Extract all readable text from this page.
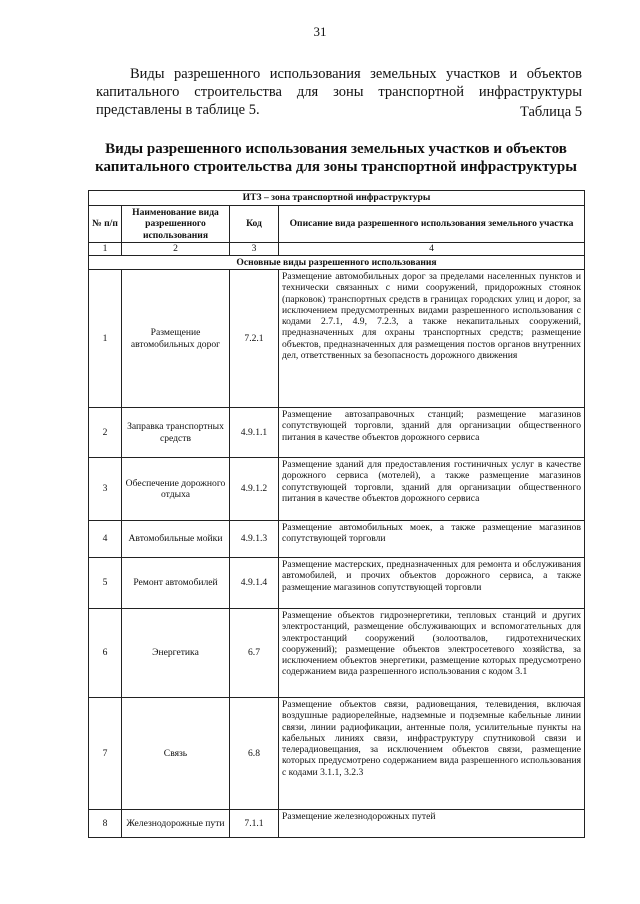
31

Виды разрешенного использования земельных участков и объектов капитального строительства для зоны транспортной инфраструктуры представлены в таблице 5.	Таблица 5
Виды разрешенного использования земельных участков и объектов
капитального строительства для зоны транспортной инфраструктуры
ИТЗ – зона транспортной инфраструктуры			
№ п/п	Наименование вида разрешенного использования	Код	Описание вида разрешенного использования земельного участка
1	2	3	4
Основные виды разрешенного использования			
1	Размещение автомобильных дорог	7.2.1	Размещение автомобильных дорог за пределами населенных пунктов и технически связанных с ними сооружений, придорожных стоянок (парковок) транспортных средств в границах городских улиц и дорог, за исключением предусмотренных видами разрешенного использования с кодами 2.7.1, 4.9, 7.2.3, а также некапитальных сооружений, предназначенных для охраны транспортных средств; размещение объектов, предназначенных для размещения постов органов внутренних дел, ответственных за безопасность дорожного движения
2	Заправка транспортных средств	4.9.1.1	Размещение автозаправочных станций; размещение магазинов сопутствующей торговли, зданий для организации общественного питания в качестве объектов дорожного сервиса
3	Обеспечение дорожного отдыха	4.9.1.2	Размещение зданий для предоставления гостиничных услуг в качестве дорожного сервиса (мотелей), а также размещение магазинов сопутствующей торговли, зданий для организации общественного питания в качестве объектов дорожного сервиса
4	Автомобильные мойки	4.9.1.3	Размещение автомобильных моек, а также размещение магазинов сопутствующей торговли
5	Ремонт автомобилей	4.9.1.4	Размещение мастерских, предназначенных для ремонта и обслуживания автомобилей, и прочих объектов дорожного сервиса, а также размещение магазинов сопутствующей торговли
6	Энергетика	6.7	Размещение объектов гидроэнергетики, тепловых станций и других электростанций, размещение обслуживающих и вспомогательных для электростанций сооружений (золоотвалов, гидротехнических сооружений); размещение объектов электросетевого хозяйства, за исключением объектов энергетики, размещение которых предусмотрено содержанием вида разрешенного использования с кодом 3.1
7	Связь	6.8	Размещение объектов связи, радиовещания, телевидения, включая воздушные радиорелейные, надземные и подземные кабельные линии связи, линии радиофикации, антенные поля, усилительные пункты на кабельных линиях связи, инфраструктуру спутниковой связи и телерадиовещания, за исключением объектов связи, размещение которых предусмотрено содержанием вида разрешенного использования с кодами 3.1.1, 3.2.3
8	Железнодорожные пути	7.1.1	Размещение железнодорожных путей
